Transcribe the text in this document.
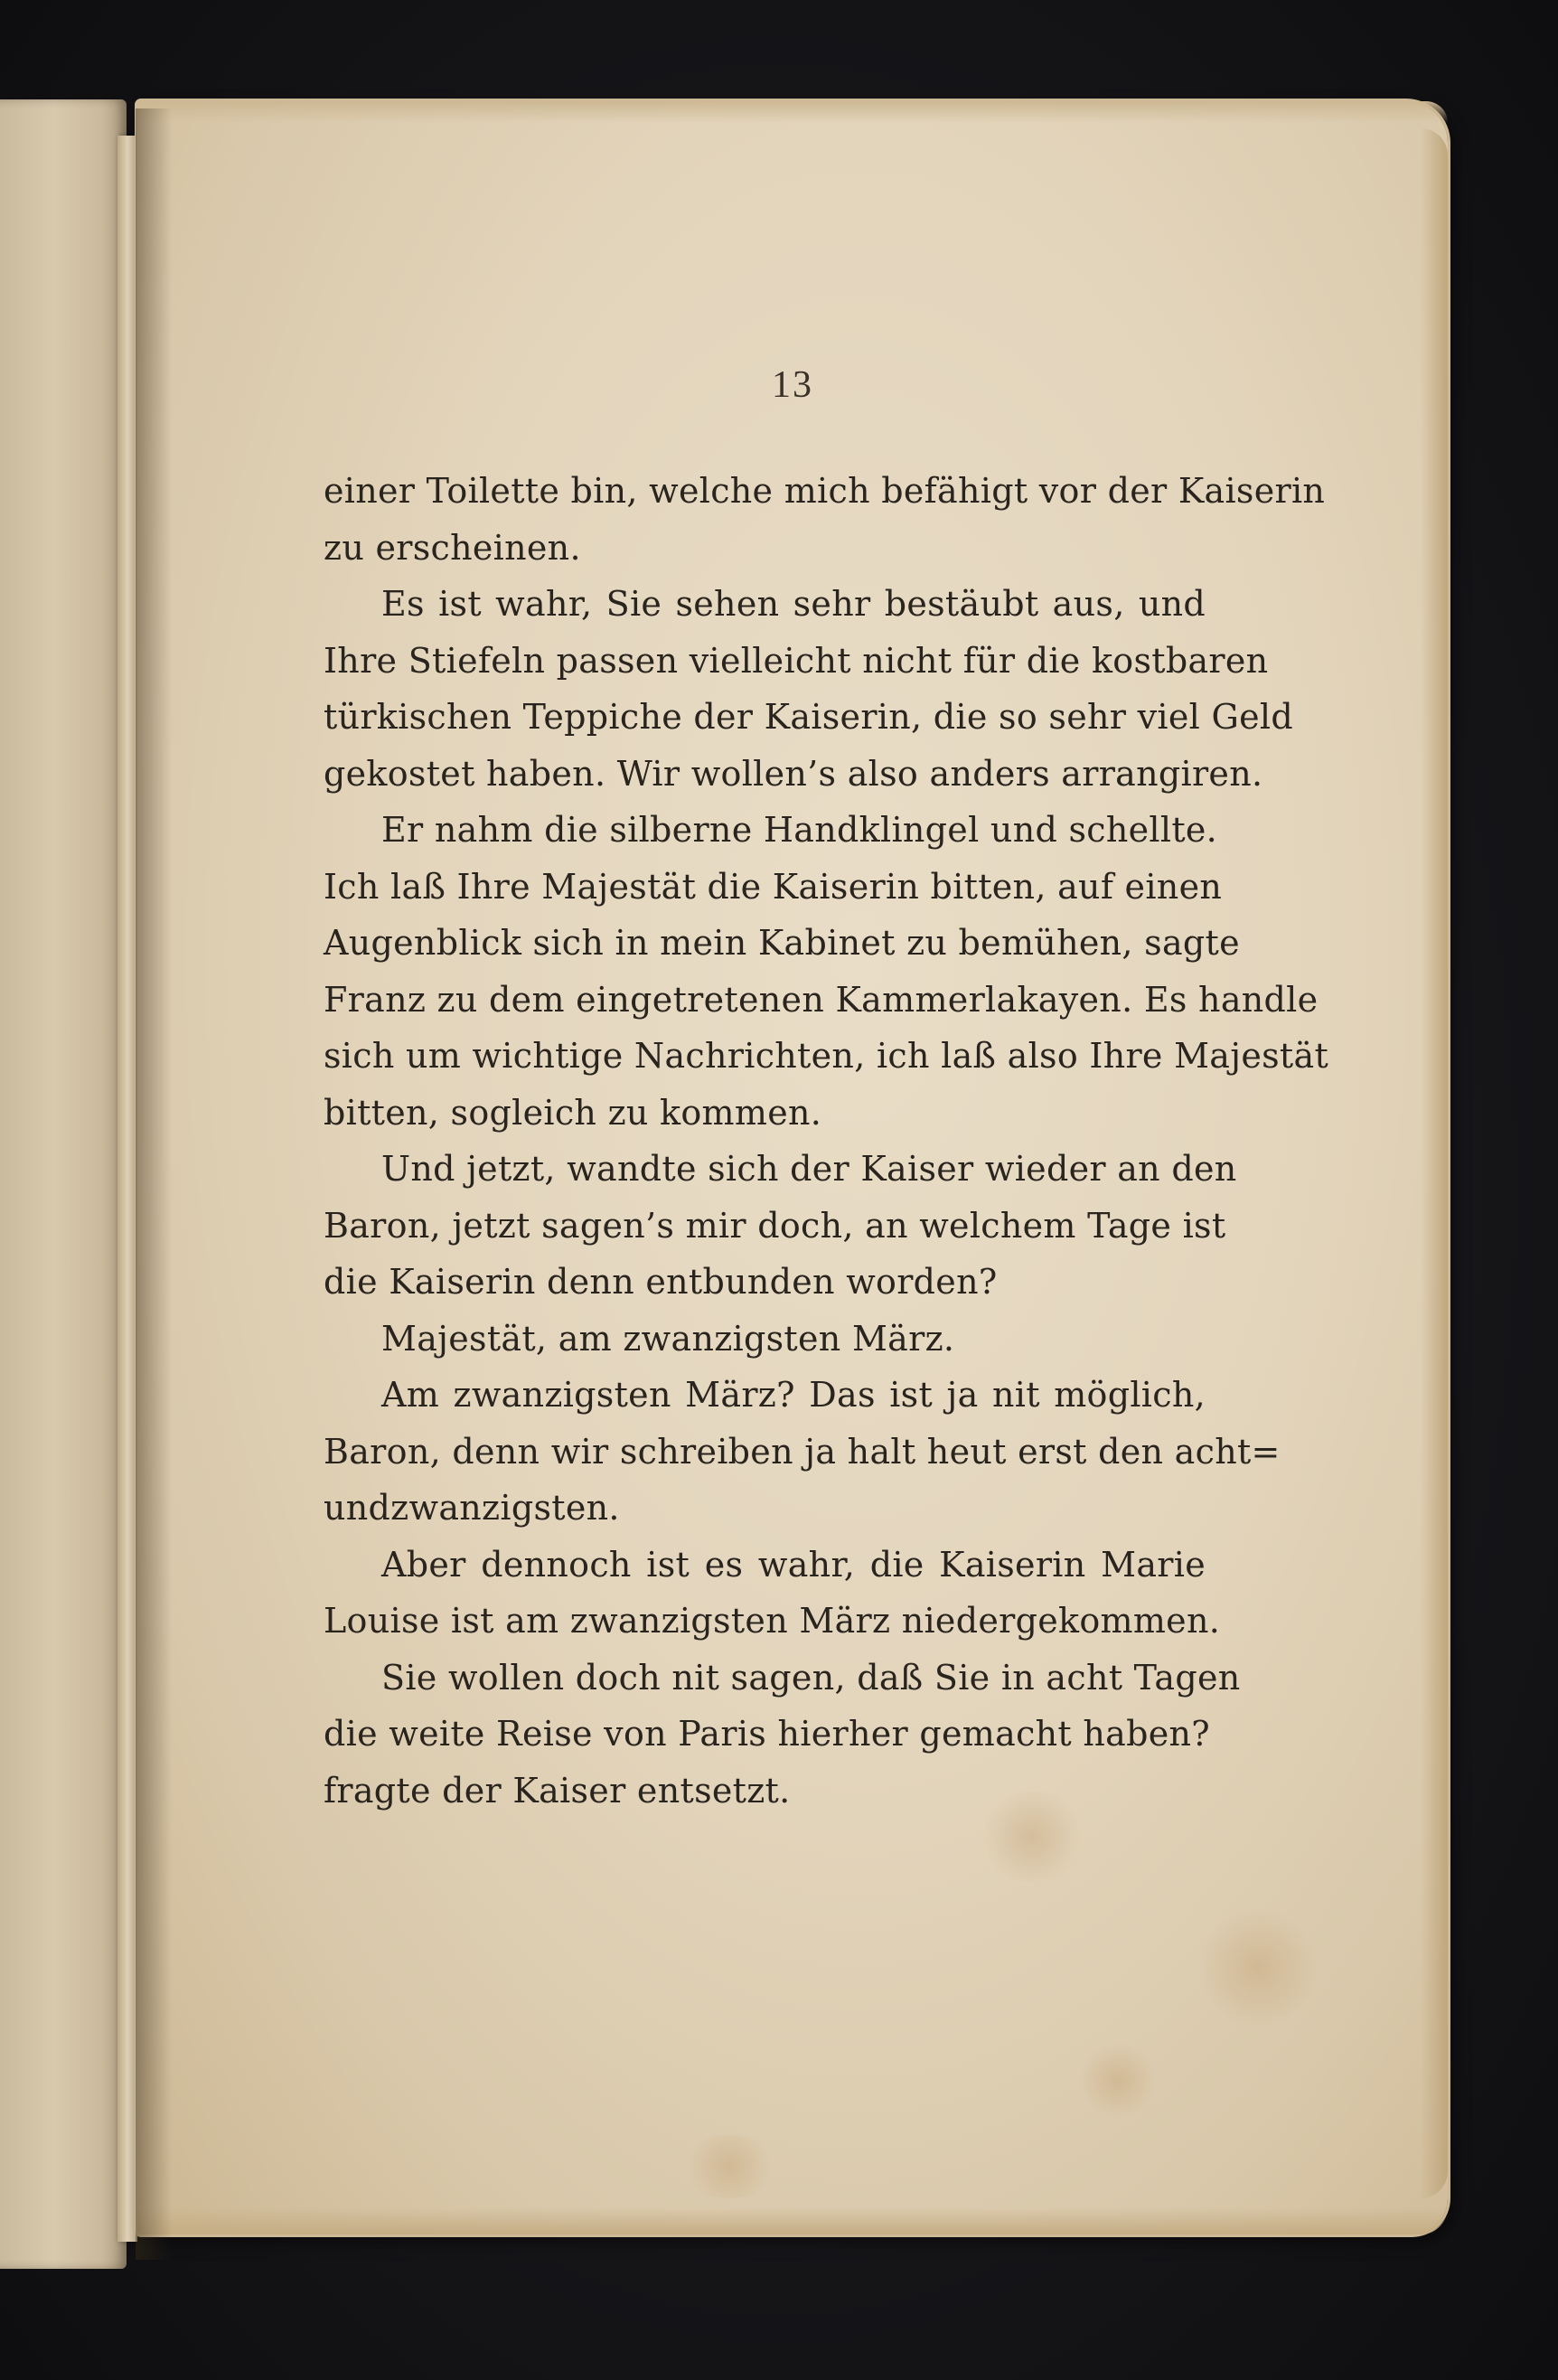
13
einer Toilette bin, welche mich befähigt vor der Kaiserin
zu erscheinen.
Es ist wahr, Sie sehen sehr bestäubt aus, und
Ihre Stiefeln passen vielleicht nicht für die kostbaren
türkischen Teppiche der Kaiserin, die so sehr viel Geld
gekostet haben. Wir wollen’s also anders arrangiren.
Er nahm die silberne Handklingel und schellte.
Ich laß Ihre Majestät die Kaiserin bitten, auf einen
Augenblick sich in mein Kabinet zu bemühen, sagte
Franz zu dem eingetretenen Kammerlakayen. Es handle
sich um wichtige Nachrichten, ich laß also Ihre Majestät
bitten, sogleich zu kommen.
Und jetzt, wandte sich der Kaiser wieder an den
Baron, jetzt sagen’s mir doch, an welchem Tage ist
die Kaiserin denn entbunden worden?
Majestät, am zwanzigsten März.
Am zwanzigsten März? Das ist ja nit möglich,
Baron, denn wir schreiben ja halt heut erst den acht=
undzwanzigsten.
Aber dennoch ist es wahr, die Kaiserin Marie
Louise ist am zwanzigsten März niedergekommen.
Sie wollen doch nit sagen, daß Sie in acht Tagen
die weite Reise von Paris hierher gemacht haben?
fragte der Kaiser entsetzt.
